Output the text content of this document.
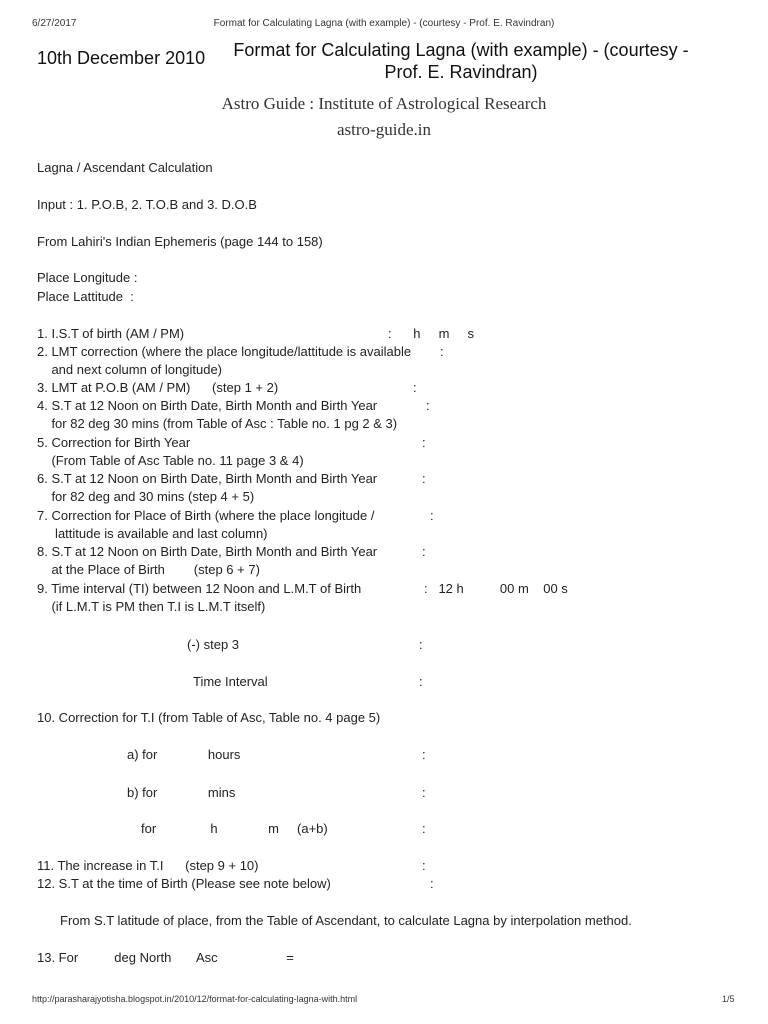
6/27/2017	Format for Calculating Lagna (with example) - (courtesy - Prof. E. Ravindran)
10th December 2010	Format for Calculating Lagna (with example) - (courtesy -
Prof. E. Ravindran)
Astro Guide : Institute of Astrological Research
astro-guide.in
Lagna / Ascendant Calculation
Input : 1. P.O.B, 2. T.O.B and 3. D.O.B
From Lahiri's Indian Ephemeris (page 144 to 158)
Place Longitude :
Place Lattitude  :
1. I.S.T of birth (AM / PM)	:      h     m     s
2. LMT correction (where the place longitude/lattitude is available :
and next column of longitude)
3. LMT at P.O.B (AM / PM)      (step 1 + 2)	:
4. S.T at 12 Noon on Birth Date, Birth Month and Birth Year	:
for 82 deg 30 mins (from Table of Asc : Table no. 1 pg 2 & 3)
5. Correction for Birth Year	:
(From Table of Asc Table no. 11 page 3 & 4)
6. S.T at 12 Noon on Birth Date, Birth Month and Birth Year	:
for 82 deg and 30 mins (step 4 + 5)
7. Correction for Place of Birth (where the place longitude /	:
lattitude is available and last column)
8. S.T at 12 Noon on Birth Date, Birth Month and Birth Year	:
at the Place of Birth        (step 6 + 7)
9. Time interval (TI) between 12 Noon and L.M.T of Birth	:   12 h          00 m    00 s
(if L.M.T is PM then T.I is L.M.T itself)
(-) step 3	:
Time Interval	:
10. Correction for T.I (from Table of Asc, Table no. 4 page 5)
a) for              hours	:
b) for              mins	:
for               h              m     (a+b)	:
11. The increase in T.I      (step 9 + 10)	:
12. S.T at the time of Birth (Please see note below)	:
From S.T latitude of place, from the Table of Ascendant, to calculate Lagna by interpolation method.
13. For          deg North       Asc                   =
http://parasharajyotisha.blogspot.in/2010/12/format-for-calculating-lagna-with.html	1/5
